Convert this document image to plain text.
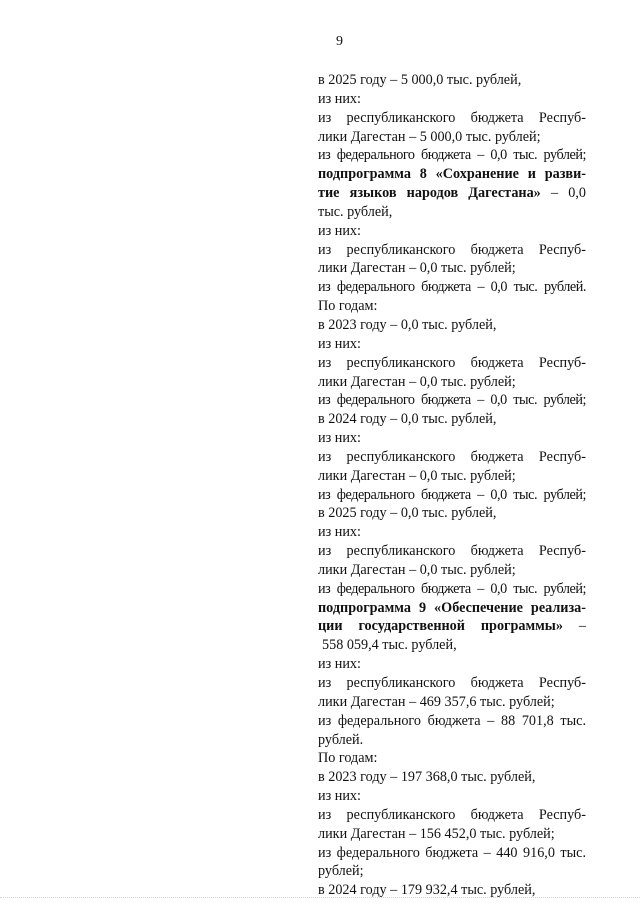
9
в 2025 году – 5 000,0 тыс. рублей,
из них:
из республиканского бюджета Респуб-
лики Дагестан – 5 000,0 тыс. рублей;
из федерального бюджета – 0,0 тыс. рублей;
подпрограмма 8 «Сохранение и разви-
тие языков народов Дагестана» – 0,0
тыс. рублей,
из них:
из республиканского бюджета Респуб-
лики Дагестан – 0,0 тыс. рублей;
из федерального бюджета – 0,0 тыс. рублей.
По годам:
в 2023 году – 0,0 тыс. рублей,
из них:
из республиканского бюджета Респуб-
лики Дагестан – 0,0 тыс. рублей;
из федерального бюджета – 0,0 тыс. рублей;
в 2024 году – 0,0 тыс. рублей,
из них:
из республиканского бюджета Респуб-
лики Дагестан – 0,0 тыс. рублей;
из федерального бюджета – 0,0 тыс. рублей;
в 2025 году – 0,0 тыс. рублей,
из них:
из республиканского бюджета Респуб-
лики Дагестан – 0,0 тыс. рублей;
из федерального бюджета – 0,0 тыс. рублей;
подпрограмма 9 «Обеспечение реализа-
ции государственной программы» –
558 059,4 тыс. рублей,
из них:
из республиканского бюджета Респуб-
лики Дагестан – 469 357,6 тыс. рублей;
из федерального бюджета – 88 701,8 тыс.
рублей.
По годам:
в 2023 году – 197 368,0 тыс. рублей,
из них:
из республиканского бюджета Респуб-
лики Дагестан – 156 452,0 тыс. рублей;
из федерального бюджета – 440 916,0 тыс.
рублей;
в 2024 году – 179 932,4 тыс. рублей,
